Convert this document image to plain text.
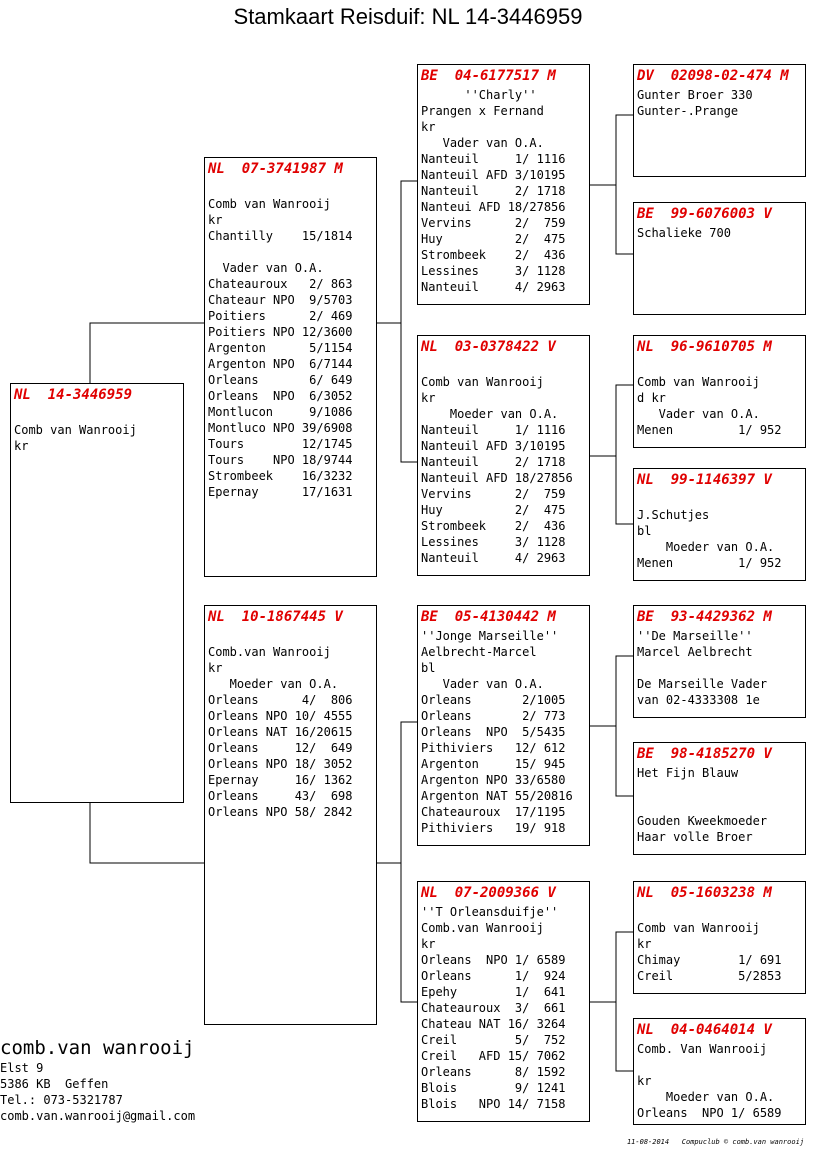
Stamkaart Reisduif: NL 14-3446959
NL  14-3446959
Comb van Wanrooij
kr
NL  07-3741987 M
Comb van Wanrooij
kr
Chantilly    15/1814
Vader van O.A.
Chateauroux   2/ 863
Chateaur NPO  9/5703
Poitiers      2/ 469
Poitiers NPO 12/3600
Argenton      5/1154
Argenton NPO  6/7144
Orleans       6/ 649
Orleans  NPO  6/3052
Montlucon     9/1086
Montluco NPO 39/6908
Tours        12/1745
Tours    NPO 18/9744
Strombeek    16/3232
Epernay      17/1631
NL  10-1867445 V
Comb.van Wanrooij
kr
Moeder van O.A.
Orleans      4/  806
Orleans NPO 10/ 4555
Orleans NAT 16/20615
Orleans     12/  649
Orleans NPO 18/ 3052
Epernay     16/ 1362
Orleans     43/  698
Orleans NPO 58/ 2842
BE  04-6177517 M
''Charly''
Prangen x Fernand
kr
Vader van O.A.
Nanteuil     1/ 1116
Nanteuil AFD 3/10195
Nanteuil     2/ 1718
Nanteui AFD 18/27856
Vervins      2/  759
Huy          2/  475
Strombeek    2/  436
Lessines     3/ 1128
Nanteuil     4/ 2963
NL  03-0378422 V
Comb van Wanrooij
kr
Moeder van O.A.
Nanteuil     1/ 1116
Nanteuil AFD 3/10195
Nanteuil     2/ 1718
Nanteuil AFD 18/27856
Vervins      2/  759
Huy          2/  475
Strombeek    2/  436
Lessines     3/ 1128
Nanteuil     4/ 2963
BE  05-4130442 M
''Jonge Marseille''
Aelbrecht-Marcel
bl
Vader van O.A.
Orleans       2/1005
Orleans       2/ 773
Orleans  NPO  5/5435
Pithiviers   12/ 612
Argenton     15/ 945
Argenton NPO 33/6580
Argenton NAT 55/20816
Chateauroux  17/1195
Pithiviers   19/ 918
NL  07-2009366 V
''T Orleansduifje''
Comb.van Wanrooij
kr
Orleans  NPO 1/ 6589
Orleans      1/  924
Epehy        1/  641
Chateauroux  3/  661
Chateau NAT 16/ 3264
Creil        5/  752
Creil   AFD 15/ 7062
Orleans      8/ 1592
Blois        9/ 1241
Blois   NPO 14/ 7158
DV  02098-02-474 M
Gunter Broer 330
Gunter-.Prange
BE  99-6076003 V
Schalieke 700
NL  96-9610705 M
Comb van Wanrooij
d kr
Vader van O.A.
Menen         1/ 952
NL  99-1146397 V
J.Schutjes
bl
Moeder van O.A.
Menen         1/ 952
BE  93-4429362 M
''De Marseille''
Marcel Aelbrecht
De Marseille Vader
van 02-4333308 1e
BE  98-4185270 V
Het Fijn Blauw
Gouden Kweekmoeder
Haar volle Broer
NL  05-1603238 M
Comb van Wanrooij
kr
Chimay        1/ 691
Creil         5/2853
NL  04-0464014 V
Comb. Van Wanrooij
kr
Moeder van O.A.
Orleans  NPO 1/ 6589
comb.van wanrooij
Elst 9
5386 KB  Geffen
Tel.: 073-5321787
comb.van.wanrooij@gmail.com
11-08-2014 Compuclub © comb.van wanrooij
